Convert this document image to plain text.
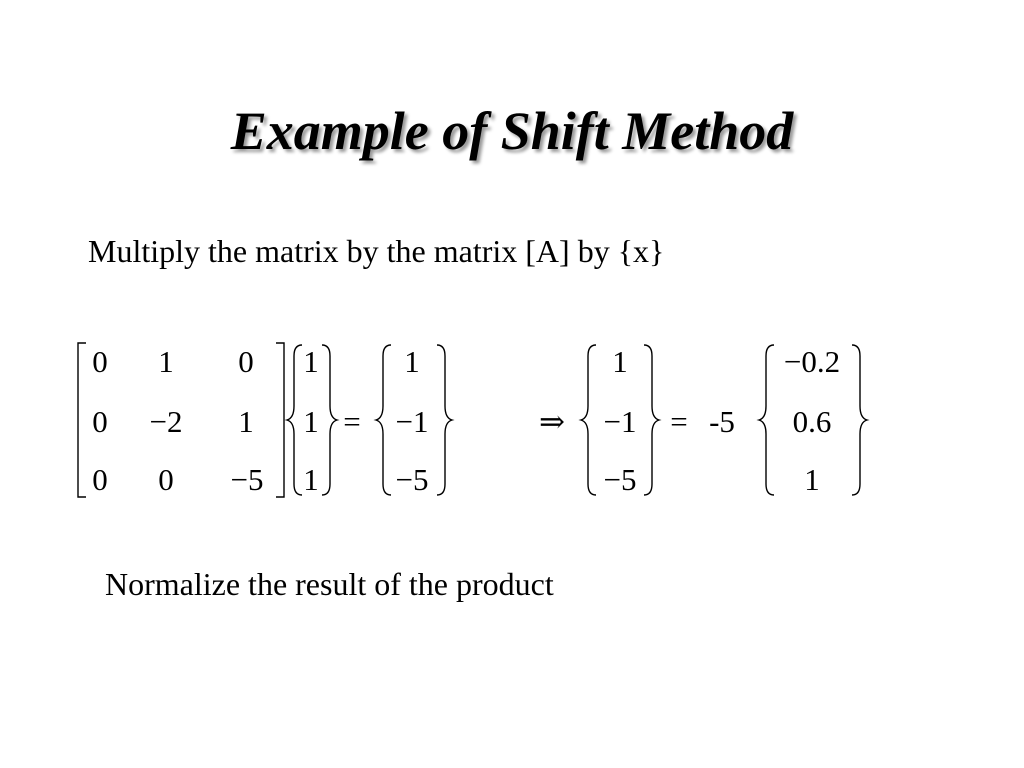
Example of Shift Method
Multiply the matrix by the matrix [A] by {x}
0 1 0
0 −2 1
0 0 −5
1
1
1
=
1
−1
−5
⇒
1
−1
−5
= -5
−0.2
0.6
1
Normalize the result of the product
